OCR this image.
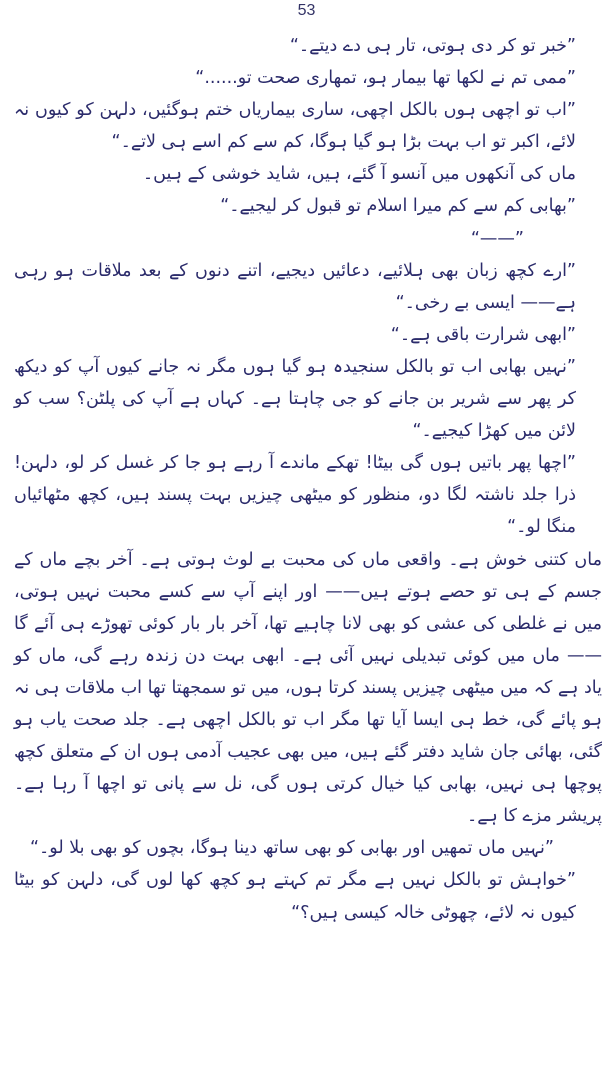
53

”خبر تو کر دی ہوتی، تار ہی دے دیتے۔“

”ممی تم نے لکھا تھا بیمار ہو، تمھاری صحت تو......“

”اب تو اچھی ہوں بالکل اچھی، ساری بیماریاں ختم ہوگئیں، دلہن کو کیوں نہ لائے، اکبر تو اب بہت بڑا ہو گیا ہوگا، کم سے کم اسے ہی لاتے۔“

ماں کی آنکھوں میں آنسو آ گئے، ہیں، شاید خوشی کے ہیں۔

”بھابی کم سے کم میرا اسلام تو قبول کر لیجیے۔“

”——“

”ارے کچھ زبان بھی ہلائیے، دعائیں دیجیے، اتنے دنوں کے بعد ملاقات ہو رہی ہے—— ایسی بے رخی۔“

”ابھی شرارت باقی ہے۔“

”نہیں بھابی اب تو بالکل سنجیدہ ہو گیا ہوں مگر نہ جانے کیوں آپ کو دیکھ کر پھر سے شریر بن جانے کو جی چاہتا ہے۔ کہاں ہے آپ کی پلٹن؟ سب کو لائن میں کھڑا کیجیے۔“

”اچھا پھر باتیں ہوں گی بیٹا! تھکے ماندے آ رہے ہو جا کر غسل کر لو، دلہن! ذرا جلد ناشتہ لگا دو، منظور کو میٹھی چیزیں بہت پسند ہیں، کچھ مٹھائیاں منگا لو۔“

ماں کتنی خوش ہے۔ واقعی ماں کی محبت بے لوث ہوتی ہے۔ آخر بچے ماں کے جسم کے ہی تو حصے ہوتے ہیں—— اور اپنے آپ سے کسے محبت نہیں ہوتی، میں نے غلطی کی عشی کو بھی لانا چاہیے تھا، آخر بار بار کوئی تھوڑے ہی آئے گا—— ماں میں کوئی تبدیلی نہیں آئی ہے۔ ابھی بہت دن زندہ رہے گی، ماں کو یاد ہے کہ میں میٹھی چیزیں پسند کرتا ہوں، میں تو سمجھتا تھا اب ملاقات ہی نہ ہو پائے گی، خط ہی ایسا آیا تھا مگر اب تو بالکل اچھی ہے۔ جلد صحت یاب ہو گئی، بھائی جان شاید دفتر گئے ہیں، میں بھی عجیب آدمی ہوں ان کے متعلق کچھ پوچھا ہی نہیں، بھابی کیا خیال کرتی ہوں گی، نل سے پانی تو اچھا آ رہا ہے۔ پریشر مزے کا ہے۔

”نہیں ماں تمھیں اور بھابی کو بھی ساتھ دینا ہوگا، بچوں کو بھی بلا لو۔“

”خواہش تو بالکل نہیں ہے مگر تم کہتے ہو کچھ کھا لوں گی، دلہن کو بیٹا کیوں نہ لائے، چھوٹی خالہ کیسی ہیں؟“
